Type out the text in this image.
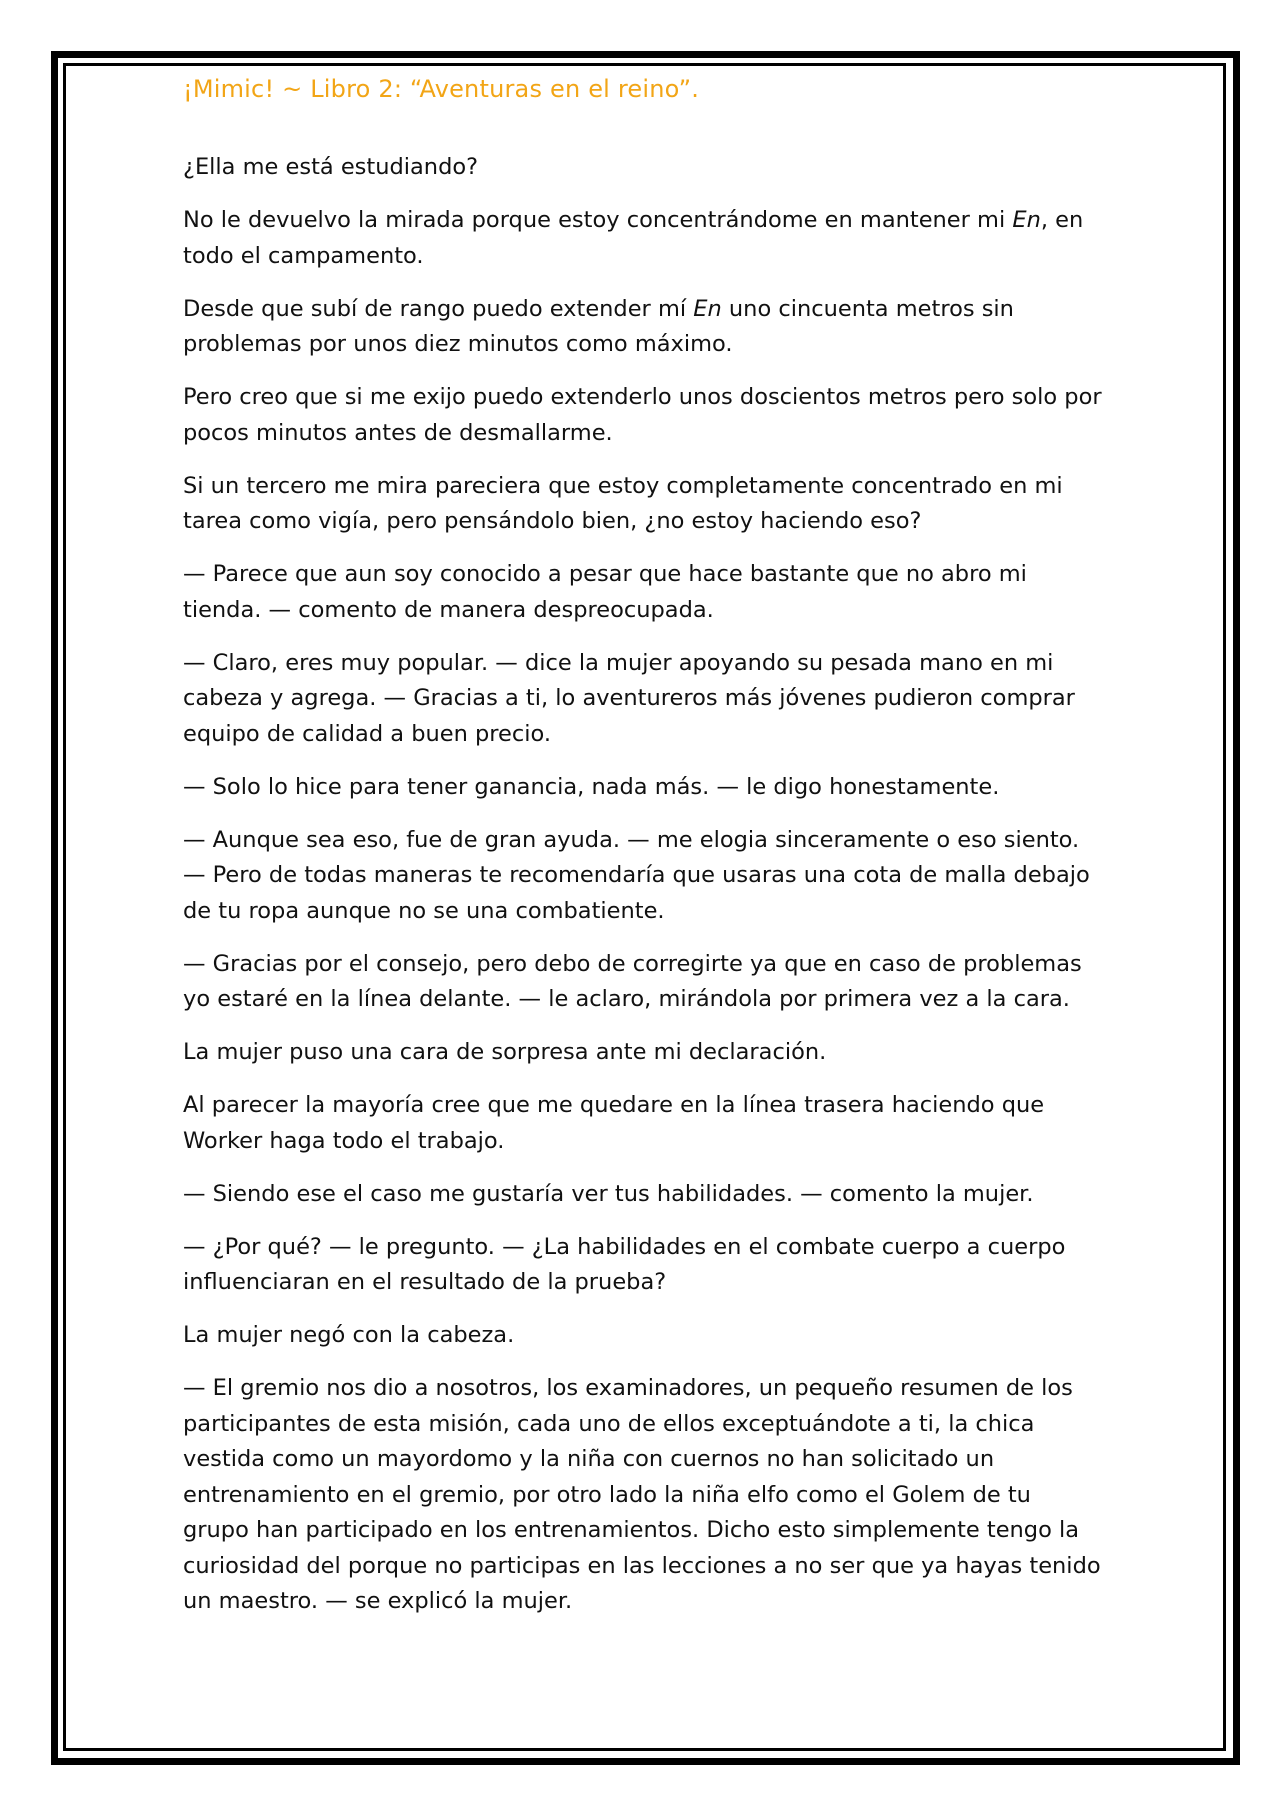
¡Mimic! ~ Libro 2: “Aventuras en el reino”.

¿Ella me está estudiando?

No le devuelvo la mirada porque estoy concentrándome en mantener mi En, en todo el campamento.

Desde que subí de rango puedo extender mí En uno cincuenta metros sin problemas por unos diez minutos como máximo.

Pero creo que si me exijo puedo extenderlo unos doscientos metros pero solo por pocos minutos antes de desmallarme.

Si un tercero me mira pareciera que estoy completamente concentrado en mi tarea como vigía, pero pensándolo bien, ¿no estoy haciendo eso?

— Parece que aun soy conocido a pesar que hace bastante que no abro mi tienda. — comento de manera despreocupada.

— Claro, eres muy popular. — dice la mujer apoyando su pesada mano en mi cabeza y agrega. — Gracias a ti, lo aventureros más jóvenes pudieron comprar equipo de calidad a buen precio.

— Solo lo hice para tener ganancia, nada más. — le digo honestamente.

— Aunque sea eso, fue de gran ayuda. — me elogia sinceramente o eso siento. — Pero de todas maneras te recomendaría que usaras una cota de malla debajo de tu ropa aunque no se una combatiente.

— Gracias por el consejo, pero debo de corregirte ya que en caso de problemas yo estaré en la línea delante. — le aclaro, mirándola por primera vez a la cara.

La mujer puso una cara de sorpresa ante mi declaración.

Al parecer la mayoría cree que me quedare en la línea trasera haciendo que Worker haga todo el trabajo.

— Siendo ese el caso me gustaría ver tus habilidades. — comento la mujer.

— ¿Por qué? — le pregunto. — ¿La habilidades en el combate cuerpo a cuerpo influenciaran en el resultado de la prueba?

La mujer negó con la cabeza.

— El gremio nos dio a nosotros, los examinadores, un pequeño resumen de los participantes de esta misión, cada uno de ellos exceptuándote a ti, la chica vestida como un mayordomo y la niña con cuernos no han solicitado un entrenamiento en el gremio, por otro lado la niña elfo como el Golem de tu grupo han participado en los entrenamientos. Dicho esto simplemente tengo la curiosidad del porque no participas en las lecciones a no ser que ya hayas tenido un maestro. — se explicó la mujer.
